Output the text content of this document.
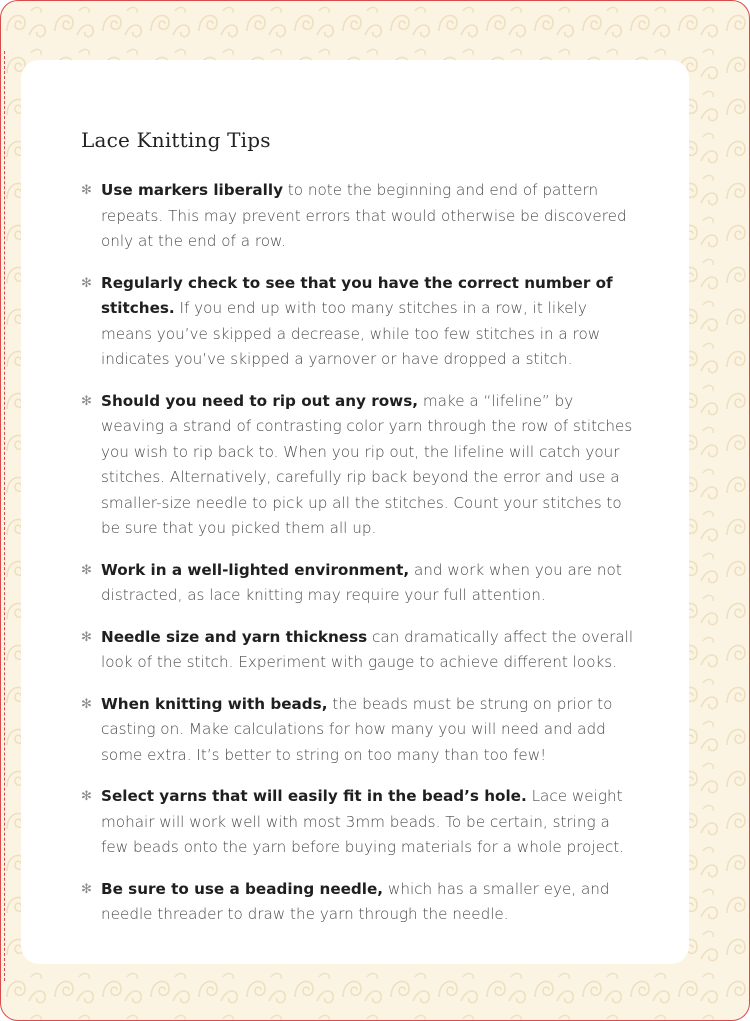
Lace Knitting Tips
✻ Use markers liberally to note the beginning and end of pattern repeats. This may prevent errors that would otherwise be discovered only at the end of a row.
✻ Regularly check to see that you have the correct number of stitches. If you end up with too many stitches in a row, it likely means you’ve skipped a decrease, while too few stitches in a row indicates you’ve skipped a yarnover or have dropped a stitch.
✻ Should you need to rip out any rows, make a “lifeline” by weaving a strand of contrasting color yarn through the row of stitches you wish to rip back to. When you rip out, the lifeline will catch your stitches. Alternatively, carefully rip back beyond the error and use a smaller-size needle to pick up all the stitches. Count your stitches to be sure that you picked them all up.
✻ Work in a well-lighted environment, and work when you are not distracted, as lace knitting may require your full attention.
✻ Needle size and yarn thickness can dramatically affect the overall look of the stitch. Experiment with gauge to achieve different looks.
✻ When knitting with beads, the beads must be strung on prior to casting on. Make calculations for how many you will need and add some extra. It’s better to string on too many than too few!
✻ Select yarns that will easily fit in the bead’s hole. Lace weight mohair will work well with most 3mm beads. To be certain, string a few beads onto the yarn before buying materials for a whole project.
✻ Be sure to use a beading needle, which has a smaller eye, and needle threader to draw the yarn through the needle.
